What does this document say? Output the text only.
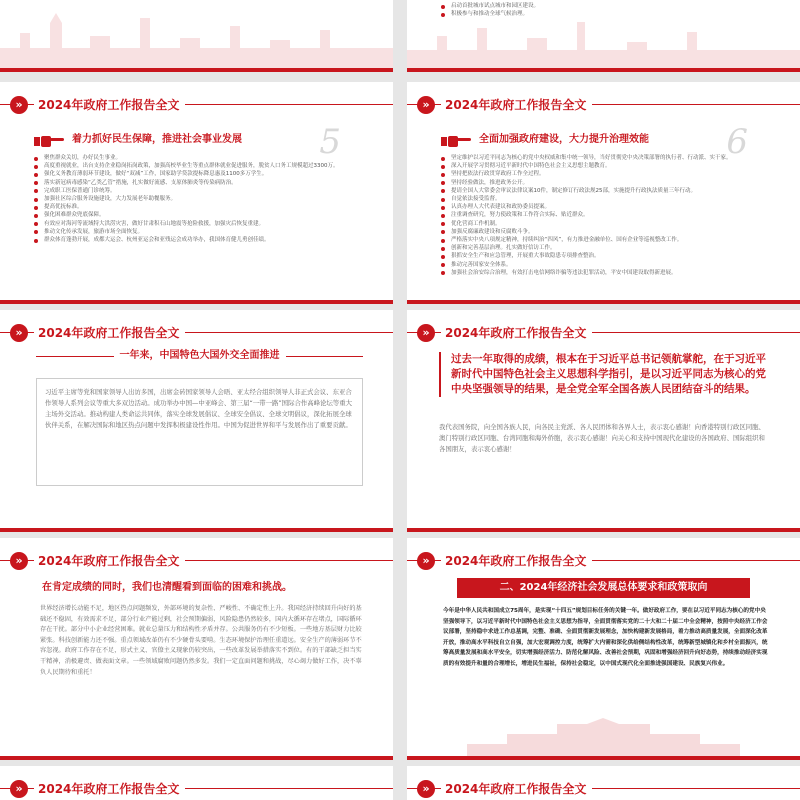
启动首批城市试点城市和园区建设。
积极参与和推动全球气候治理。
»	2024年政府工作报告全文
着力抓好民生保障，推进社会事业发展 5
聚焦群众关切，办好民生事业。
高度重视就业，出台支持企业稳岗拓岗政策，加强高校毕业生等重点群体就业促进服务，脱贫人口务工规模超过3300万。
强化义务教育薄弱环节建设，做好“双减”工作，国家助学贷款提标降息惠及1100多万学生。
落实新冠病毒感染“乙类乙管”措施，扎实做好流感、支原体肺炎等传染病防治。
完成职工医保普通门诊统筹。
加强社区综合服务设施建设，大力发展老年助餐服务。
提高优抚标准。
强化困难群众兜底保障。
有效应对海河等流域特大洪涝灾害，做好甘肃积石山地震等抢险救援，加强灾后恢复重建。
推动文化传承发展，旅游市场全面恢复。
群众体育蓬勃开展，成都大运会、杭州亚运会和亚残运会成功举办，我国体育健儿勇创佳绩。
»	2024年政府工作报告全文
全面加强政府建设，大力提升治理效能 6
坚定维护以习近平同志为核心的党中央权威和集中统一领导，当好贯彻党中央决策部署的执行者、行动派、实干家。
深入开展学习贯彻习近平新时代中国特色社会主义思想主题教育。
坚持把依法行政贯穿政府工作全过程。
坚持经验做法，推进政务公开。
提请全国人大常委会审议法律议案10件，制定修订行政法规25部，实施提升行政执法质量三年行动。
自觉依法接受监督。
认真办理人大代表建议和政协委员提案。
注重调查研究，努力使政策和工作符合实际、贴近群众。
优化营商工作机制。
加强反腐廉政建设和反腐败斗争。
严格落实中央八项规定精神，持续纠治“四风”，有力推进金融单位、国有企业等巡视整改工作。
创新和完善基层治理。扎实做好信访工作。
狠抓安全生产和应急管理，开展重大事故隐患专项排查整治。
推动完善国家安全体系。
加强社会治安综合治理，有效打击电信网络诈骗等违法犯罪活动，平安中国建设取得新进展。
»	2024年政府工作报告全文
一年来，中国特色大国外交全面推进
习近平主席等党和国家领导人出访多国，出席金砖国家领导人会晤、亚太经合组织领导人非正式会议、东亚合作领导人系列会议等重大多双边活动。成功举办中国—中亚峰会、第三届“一带一路”国际合作高峰论坛等重大主场外交活动。推动构建人类命运共同体，落实全球发展倡议、全球安全倡议、全球文明倡议，深化拓展全球伙伴关系，在解决国际和地区热点问题中发挥积极建设性作用。中国为促进世界和平与发展作出了重要贡献。
»	2024年政府工作报告全文
过去一年取得的成绩，根本在于习近平总书记领航掌舵，在于习近平新时代中国特色社会主义思想科学指引，是以习近平同志为核心的党中央坚强领导的结果，是全党全军全国各族人民团结奋斗的结果。
我代表国务院，向全国各族人民，向各民主党派、各人民团体和各界人士，表示衷心感谢！向香港特别行政区同胞、澳门特别行政区同胞、台湾同胞和海外侨胞，表示衷心感谢！向关心和支持中国现代化建设的各国政府、国际组织和各国朋友，表示衷心感谢！
»	2024年政府工作报告全文
在肯定成绩的同时，我们也清醒看到面临的困难和挑战。
世界经济增长动能不足，地区热点问题频发，外部环境的复杂性、严峻性、不确定性上升。我国经济持续回升向好的基础还不稳固，有效需求不足，部分行业产能过剩，社会预期偏弱，风险隐患仍然较多，国内大循环存在堵点，国际循环存在干扰。部分中小企业经营困难。就业总量压力和结构性矛盾并存。公共服务仍有不少短板。一些地方基层财力比较紧张。科技创新能力还不强。重点领域改革仍有不少硬骨头要啃。生态环境保护治理任重道远。安全生产的薄弱环节不容忽视。政府工作存在不足，形式主义、官僚主义现象仍较突出，一些改革发展举措落实不到位。有的干部缺乏担当实干精神，消极避责、做表面文章。一些领域腐败问题仍然多发。我们一定直面问题和挑战，尽心竭力做好工作，决不辜负人民期待和重托！
»	2024年政府工作报告全文
二、2024年经济社会发展总体要求和政策取向
今年是中华人民共和国成立75周年，是实现“十四五”规划目标任务的关键一年。做好政府工作，要在以习近平同志为核心的党中央坚强领导下，以习近平新时代中国特色社会主义思想为指导，全面贯彻落实党的二十大和二十届二中全会精神，按照中央经济工作会议部署，坚持稳中求进工作总基调，完整、准确、全面贯彻新发展理念，加快构建新发展格局，着力推动高质量发展，全面深化改革开放，推动高水平科技自立自强，加大宏观调控力度，统筹扩大内需和深化供给侧结构性改革，统筹新型城镇化和乡村全面振兴，统筹高质量发展和高水平安全，切实增强经济活力、防范化解风险、改善社会预期，巩固和增强经济回升向好态势，持续推动经济实现质的有效提升和量的合理增长，增进民生福祉，保持社会稳定，以中国式现代化全面推进强国建设、民族复兴伟业。
»	2024年政府工作报告全文	»	2024年政府工作报告全文
